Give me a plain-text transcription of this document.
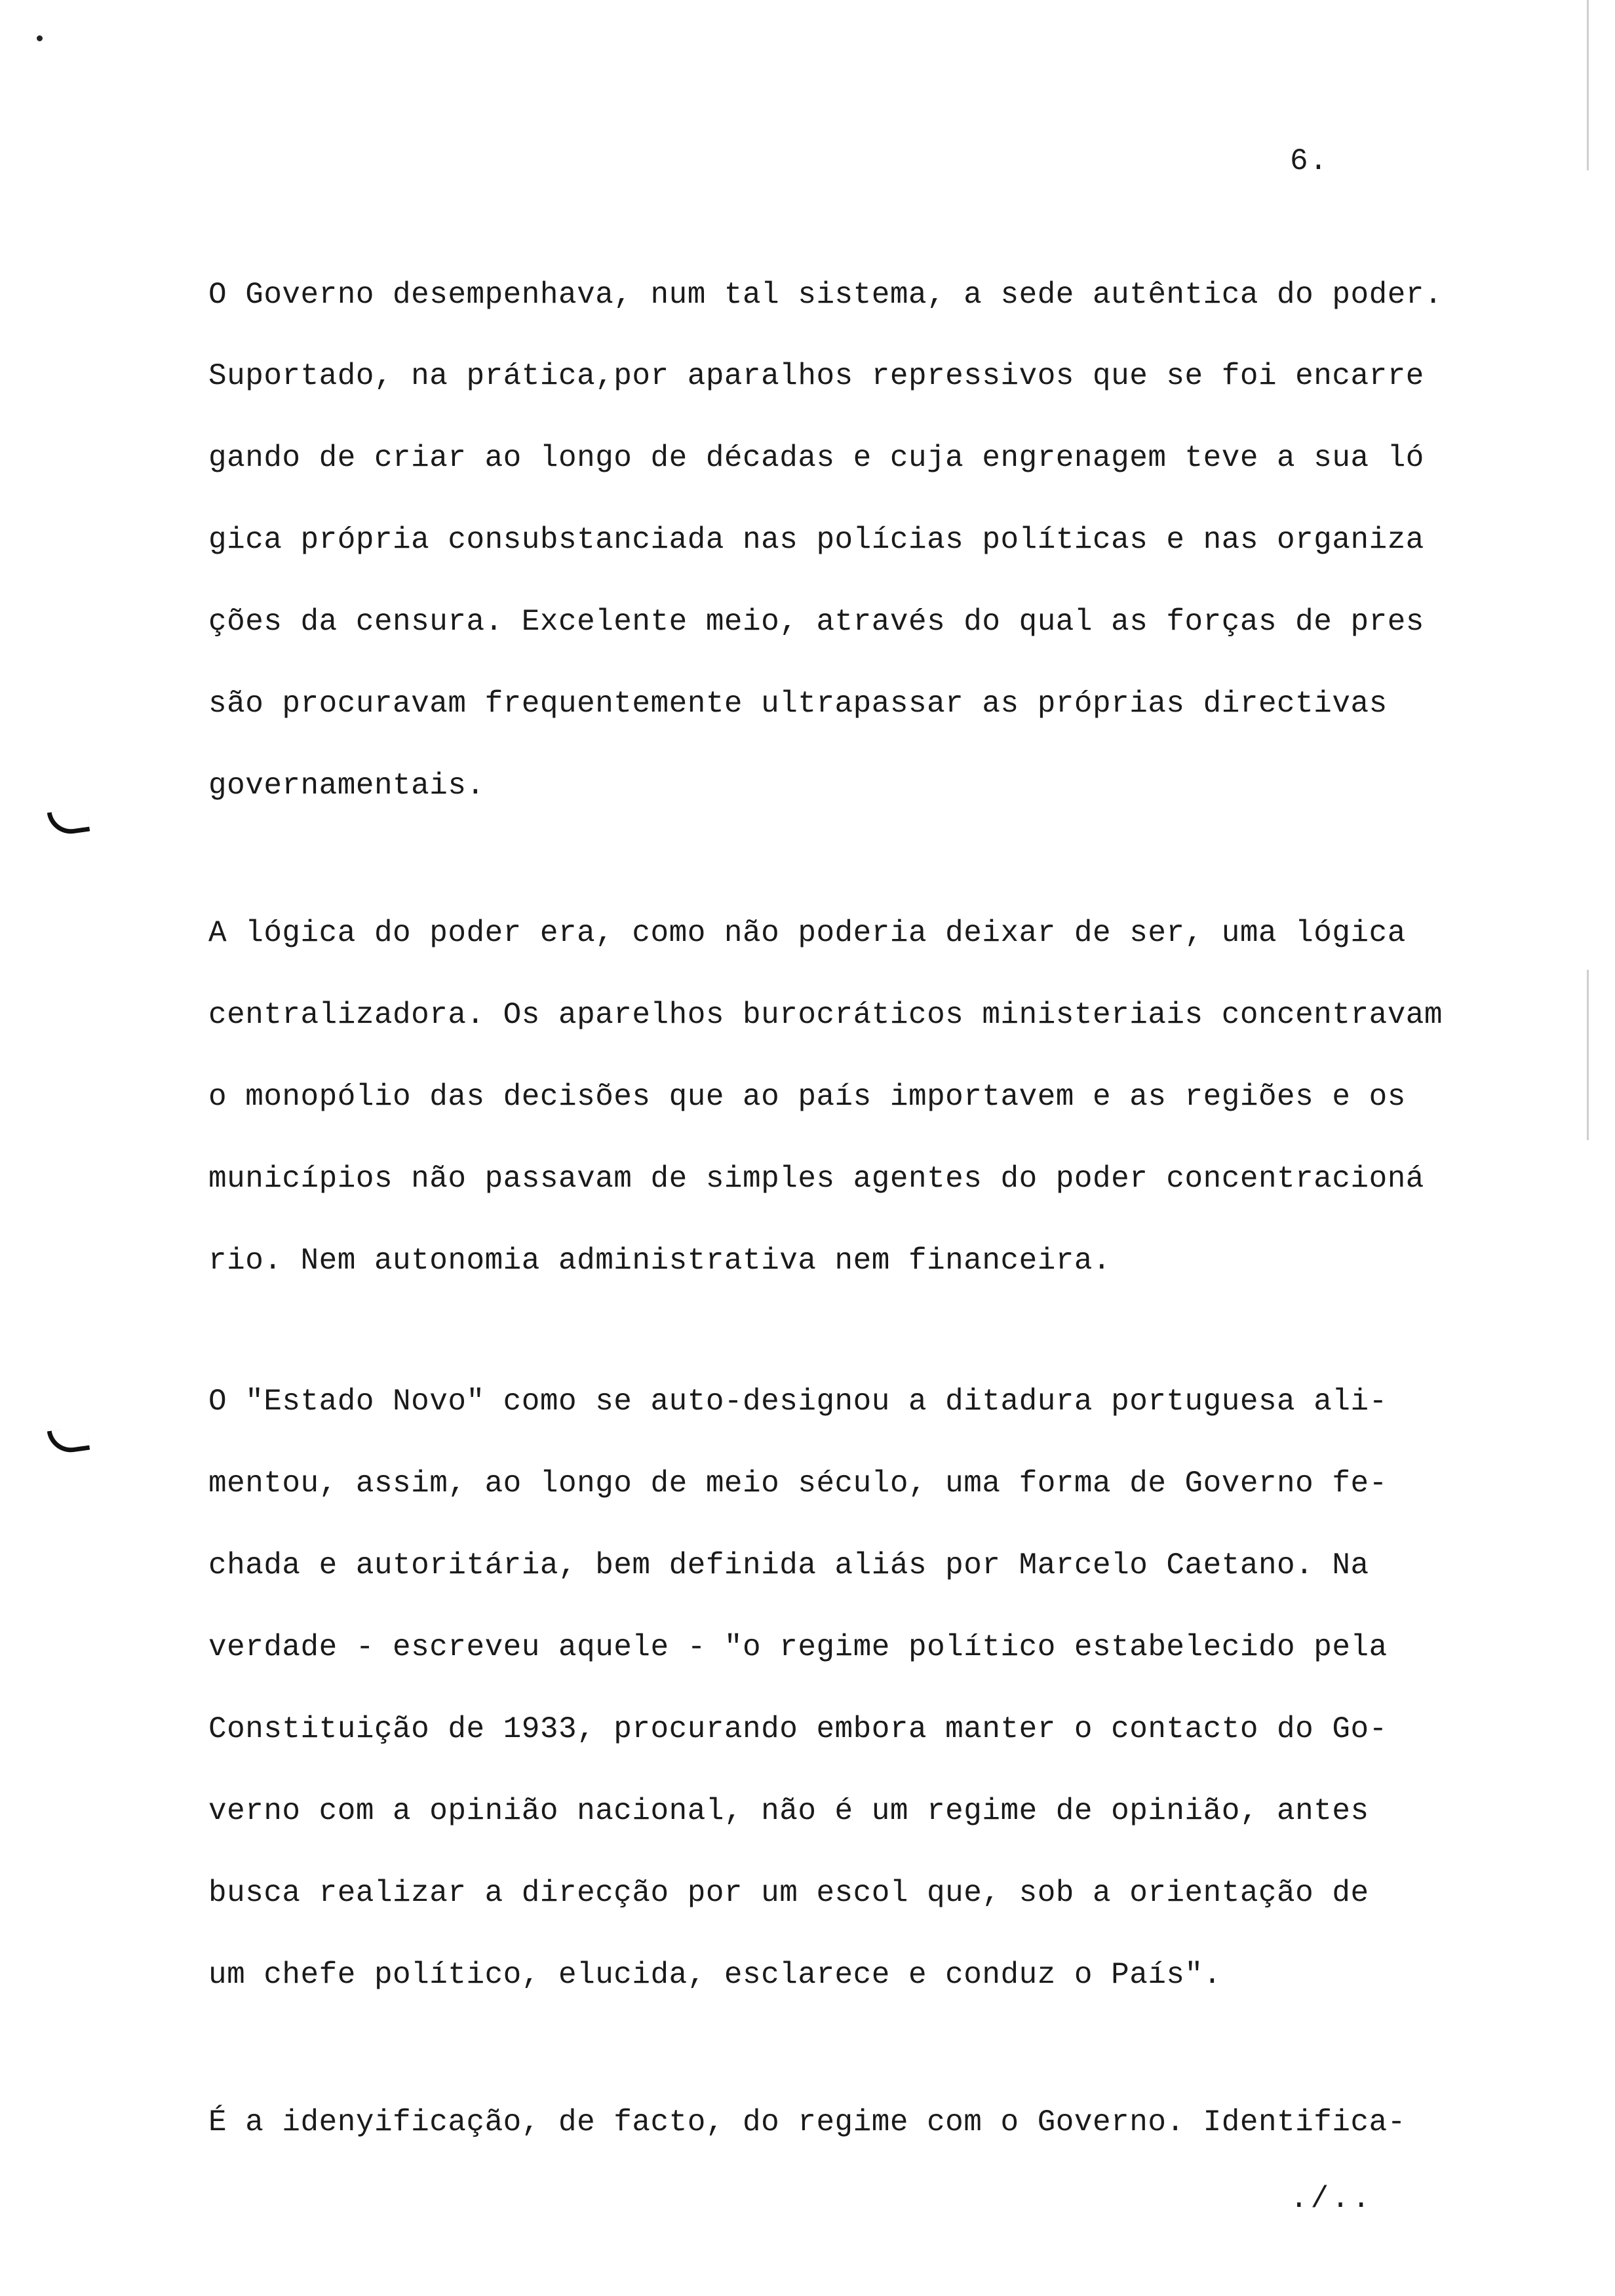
6.
O Governo desempenhava, num tal sistema, a sede autêntica do poder.
Suportado, na prática,por aparalhos repressivos que se foi encarre
gando de criar ao longo de décadas e cuja engrenagem teve a sua ló
gica própria consubstanciada nas polícias políticas e nas organiza
ções da censura. Excelente meio, através do qual as forças de pres
são procuravam frequentemente ultrapassar as próprias directivas
governamentais.
A lógica do poder era, como não poderia deixar de ser, uma lógica
centralizadora. Os aparelhos burocráticos ministeriais concentravam
o monopólio das decisões que ao país importavem e as regiões e os
municípios não passavam de simples agentes do poder concentracioná
rio. Nem autonomia administrativa nem financeira.
O "Estado Novo" como se auto-designou a ditadura portuguesa ali-
mentou, assim, ao longo de meio século, uma forma de Governo fe-
chada e autoritária, bem definida aliás por Marcelo Caetano. Na
verdade - escreveu aquele - "o regime político estabelecido pela
Constituição de 1933, procurando embora manter o contacto do Go-
verno com a opinião nacional, não é um regime de opinião, antes
busca realizar a direcção por um escol que, sob a orientação de
um chefe político, elucida, esclarece e conduz o País".
É a idenyificação, de facto, do regime com o Governo. Identifica-
./..
